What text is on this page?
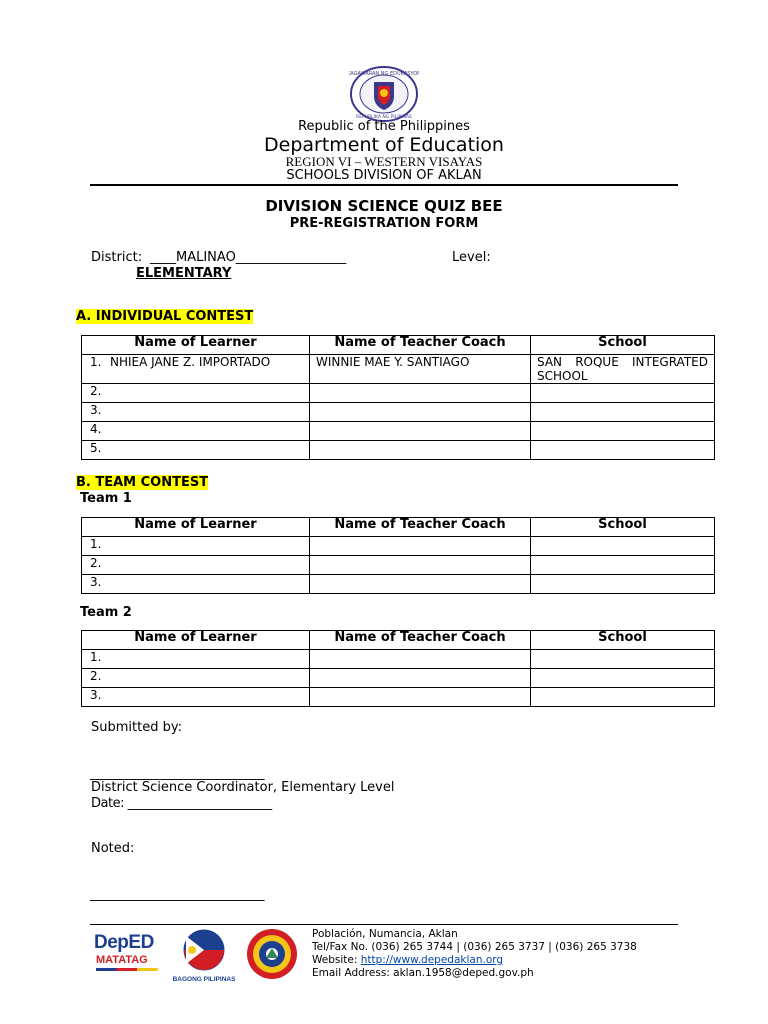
KAGAWARAN NG EDUKASYON
REPUBLIKA NG PILIPINAS
Republic of the Philippines
Department of Education
REGION VI – WESTERN VISAYAS
SCHOOLS DIVISION OF AKLAN
DIVISION SCIENCE QUIZ BEE
PRE-REGISTRATION FORM
District: ____MALINAO_________________	Level:
ELEMENTARY
A. INDIVIDUAL CONTEST
Name of Learner	Name of Teacher Coach	School

1. NHIEA JANE Z. IMPORTADO	WINNIE MAE Y. SANTIAGO	SAN ROQUE INTEGRATED SCHOOL
2.		
3.		
4.		
5.		
B. TEAM CONTEST
Team 1
Name of Learner	Name of Teacher Coach	School
1.		
2.		
3.		
Team 2
Name of Learner	Name of Teacher Coach	School
1.		
2.		
3.		
Submitted by:
_____________________________
District Science Coordinator, Elementary Level
Date: ________________________
Noted:
_____________________________
DepED
MATATAG
BAGONG PILIPINAS
Población, Numancia, Aklan
Tel/Fax No. (036) 265 3744 | (036) 265 3737 | (036) 265 3738
Website: http://www.depedaklan.org
Email Address: aklan.1958@deped.gov.ph
